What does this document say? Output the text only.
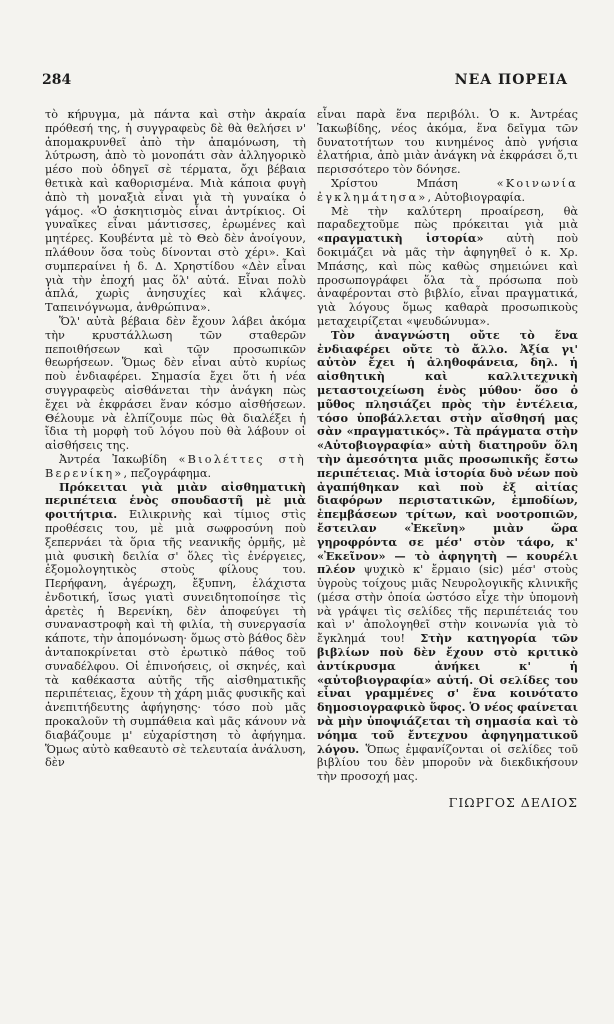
284	ΝΕΑ ΠΟΡΕΙΑ

τὸ κήρυγμα, μὰ πάντα καὶ στὴν ἀκραία πρόθεσή της, ἡ συγγραφεὺς δὲ θὰ θελήσει ν' ἀπομακρυνθεῖ ἀπὸ τὴν ἀπαμόνωση, τὴ λύτρωση, ἀπὸ τὸ μονοπάτι σὰν ἀλληγορικὸ μέσο ποὺ ὁδηγεῖ σὲ τέρματα, ὄχι βέβαια θετικὰ καὶ καθορισμένα. Μιὰ κάποια φυγὴ ἀπὸ τὴ μοναξιὰ εἶναι γιὰ τὴ γυναίκα ὁ γάμος. «Ὁ ἀσκητισμὸς εἶναι ἀντρίκιος. Οἱ γυναῖκες εἶναι μάντισσες, ἐρωμένες καὶ μητέρες. Κουβέντα μὲ τὸ Θεὸ δὲν ἀνοίγουν, πλάθουν ὅσα τοὺς δίνονται στὸ χέρι». Καὶ συμπεραίνει ἡ δ. Δ. Χρηστίδου «Δὲν εἶναι γιὰ τὴν ἐποχή μας ὅλ' αὐτά. Εἶναι πολὺ ἁπλά, χωρὶς ἀνησυχίες καὶ κλάψες. Ταπεινόγνωμα, ἀνθρώπινα».

Ὅλ' αὐτὰ βέβαια δὲν ἔχουν λάβει ἀκόμα τὴν κρυστάλλωση τῶν σταθερῶν πεποιθήσεων καὶ τῶν προσωπικῶν θεωρήσεων. Ὅμως δὲν εἶναι αὐτὸ κυρίως ποὺ ἐνδιαφέρει. Σημασία ἔχει ὅτι ἡ νέα συγγραφεὺς αἰσθάνεται τὴν ἀνάγκη πὼς ἔχει νὰ ἐκφράσει ἕναν κόσμο αἰσθήσεων. Θέλουμε νὰ ἐλπίζουμε πὼς θὰ διαλέξει ἡ ἴδια τὴ μορφὴ τοῦ λόγου ποὺ θὰ λάβουν οἱ αἰσθήσεις της.

Ἀντρέα Ἰακωβίδη «Βιολέττες στὴ Βερενίκη», πεζογράφημα.

Πρόκειται γιὰ μιὰν αἰσθηματικὴ περιπέτεια ἑνὸς σπουδαστῆ μὲ μιὰ φοιτήτρια. Ειλικρινὴς καὶ τίμιος στὶς προθέσεις του, μὲ μιὰ σωφροσύνη ποὺ ξεπερνάει τὰ ὅρια τῆς νεανικῆς ὁρμῆς, μὲ μιὰ φυσικὴ δειλία σ' ὅλες τὶς ἐνέργειες, ἐξομολογητικὸς στοὺς φίλους του. Περήφανη, ἀγέρωχη, ἔξυπνη, ἐλάχιστα ἐνδοτική, ἴσως γιατὶ συνειδητοποίησε τὶς ἀρετὲς ἡ Βερενίκη, δὲν ἀποφεύγει τὴ συναναστροφὴ καὶ τὴ φιλία, τὴ συνεργασία κάποτε, τὴν ἀπομόνωση· ὅμως στὸ βάθος δὲν ἀνταποκρίνεται στὸ ἐρωτικὸ πάθος τοῦ συναδέλφου. Οἱ ἐπινοήσεις, οἱ σκηνές, καὶ τὰ καθέκαστα αὐτῆς τῆς αἰσθηματικῆς περιπέτειας, ἔχουν τὴ χάρη μιᾶς φυσικῆς καὶ ἀνεπιτήδευτης ἀφήγησης· τόσο ποὺ μᾶς προκαλοῦν τὴ συμπάθεια καὶ μᾶς κάνουν νὰ διαβάζουμε μ' εὐχαρίστηση τὸ ἀφήγημα. Ὅμως αὐτὸ καθεαυτὸ σὲ τελευταία ἀνάλυση, δὲν

εἶναι παρὰ ἕνα περιβόλι. Ὁ κ. Ἀντρέας Ἰακωβίδης, νέος ἀκόμα, ἕνα δεῖγμα τῶν δυνατοτήτων του κινημένος ἀπὸ γνήσια ἐλατήρια, ἀπὸ μιὰν ἀνάγκη νὰ ἐκφράσει ὅ,τι περισσότερο τὸν δόνησε.

Χρίστου Μπάση	«Κοινωνία ἐγκλημάτησα», Αὐτοβιογραφία.

Μὲ τὴν καλύτερη προαίρεση, θὰ παραδεχτοῦμε πὼς πρόκειται γιὰ μιὰ «πραγματικὴ ἱστορία» αὐτὴ ποὺ δοκιμάζει νὰ μᾶς τὴν ἀφηγηθεῖ ὁ κ. Χρ. Μπάσης, καὶ πὼς καθὼς σημειώνει καὶ προσωπογράφει ὅλα τὰ πρόσωπα ποὺ ἀναφέρονται στὸ βιβλίο, εἶναι πραγματικά, γιὰ λόγους ὅμως καθαρὰ προσωπικοὺς μεταχειρίζεται «ψευδώνυμα».

Τὸν ἀναγνώστη οὔτε τὸ ἕνα ἐνδιαφέρει οὔτε τὸ ἄλλο. Ἀξία γι' αὐτὸν ἔχει ἡ ἀληθοφάνεια, δηλ. ἡ αἰσθητικὴ καὶ καλλιτεχνικὴ μεταστοιχείωση ἑνὸς μύθου· ὅσο ὁ μῦθος πλησιάζει πρὸς τὴν ἐντέλεια, τόσο ὑποβάλλεται στὴν αἴσθησή μας σὰν «πραγματικός». Τὰ πράγματα στὴν «Αὐτοβιογραφία» αὐτὴ διατηροῦν ὅλη τὴν ἀμεσότητα μιᾶς προσωπικῆς ἔστω περιπέτειας. Μιὰ ἱστορία δυὸ νέων ποὺ ἀγαπήθηκαν καὶ ποὺ ἐξ αἰτίας διαφόρων περιστατικῶν, ἐμποδίων, ἐπεμβάσεων τρίτων, καὶ νοοτροπιῶν, ἔστειλαν «Ἐκεῖνη» μιὰν ὥρα γηροφρόντα σε μέσ' στὸν τάφο, κ' «Ἐκεῖνον» — τὸ ἀφηγητὴ — κουρέλι πλέον ψυχικὸ κ' ἔρμαιο (sic) μέσ' στοὺς ὑγροὺς τοίχους μιᾶς Νευρολογικῆς κλινικῆς (μέσα στὴν ὁποία ὡστόσο εἶχε τὴν ὑπομονὴ νὰ γράψει τὶς σελίδες τῆς περιπέτειάς του καὶ ν' ἀπολογηθεῖ στὴν κοινωνία γιὰ τὸ ἔγκλημά του! Στὴν κατηγορία τῶν βιβλίων ποὺ δὲν ἔχουν στὸ κριτικὸ ἀντίκρυσμα ἀνήκει κ' ἡ «αὐτοβιογραφία» αὐτή. Οἱ σελίδες του εἶναι γραμμένες σ' ἕνα κοινότατο δημοσιογραφικὸ ὕφος. Ὁ νέος φαίνεται νὰ μὴν ὑποψιάζεται τὴ σημασία καὶ τὸ νόημα τοῦ ἔντεχνου ἀφηγηματικοῦ λόγου. Ὅπως ἐμφανίζονται οἱ σελίδες τοῦ βιβλίου του δὲν μποροῦν νὰ διεκδικήσουν τὴν προσοχή μας.

ΓΙΩΡΓΟΣ ΔΕΛΙΟΣ
